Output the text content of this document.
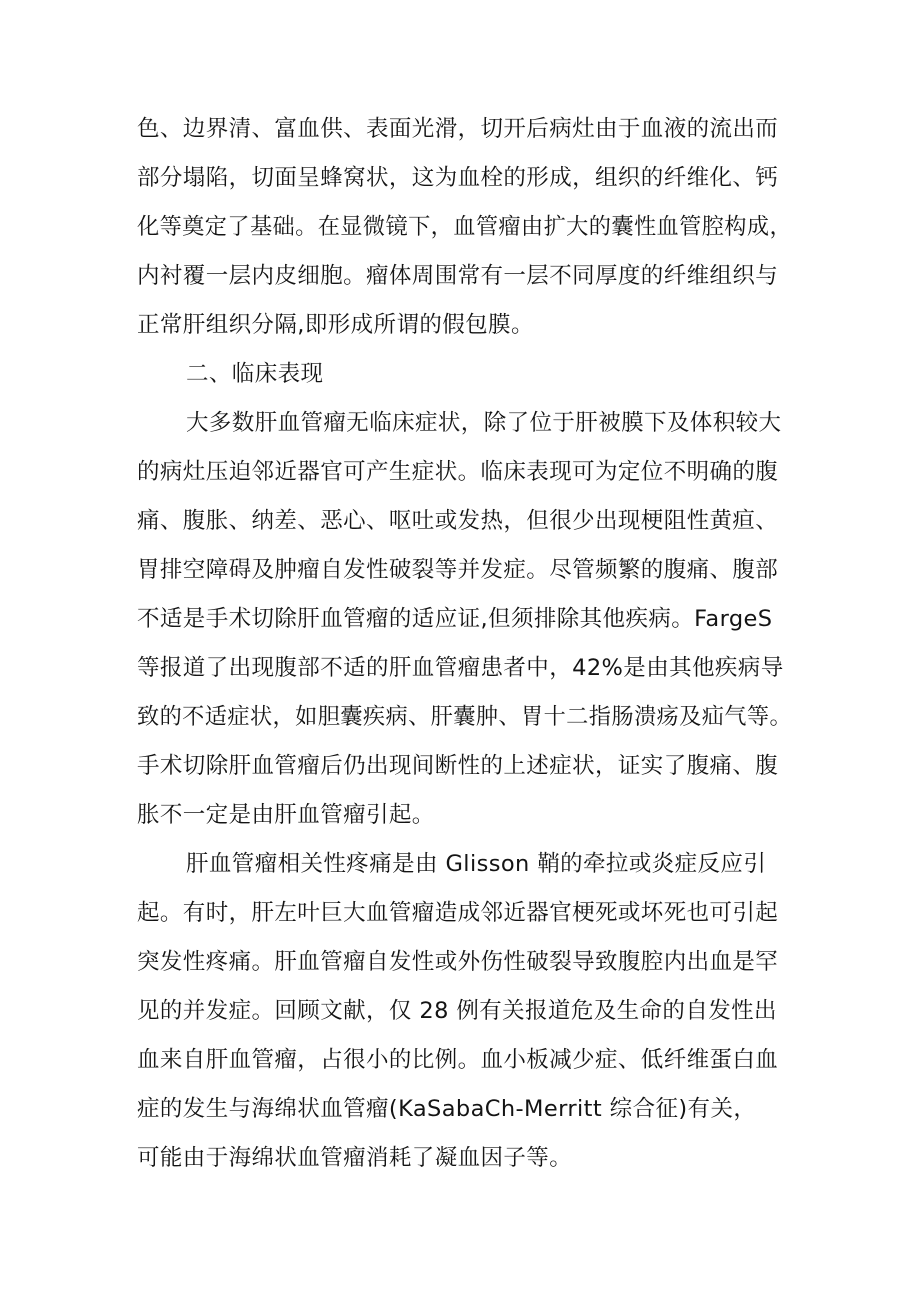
色、边界清、富血供、表面光滑，切开后病灶由于血液的流出而
部分塌陷，切面呈蜂窝状，这为血栓的形成，组织的纤维化、钙
化等奠定了基础。在显微镜下，血管瘤由扩大的囊性血管腔构成，
内衬覆一层内皮细胞。瘤体周围常有一层不同厚度的纤维组织与
正常肝组织分隔,即形成所谓的假包膜。
二、临床表现
大多数肝血管瘤无临床症状，除了位于肝被膜下及体积较大
的病灶压迫邻近器官可产生症状。临床表现可为定位不明确的腹
痛、腹胀、纳差、恶心、呕吐或发热，但很少出现梗阻性黄疸、
胃排空障碍及肿瘤自发性破裂等并发症。尽管频繁的腹痛、腹部
不适是手术切除肝血管瘤的适应证,但须排除其他疾病。FargeS
等报道了出现腹部不适的肝血管瘤患者中，42%是由其他疾病导
致的不适症状，如胆囊疾病、肝囊肿、胃十二指肠溃疡及疝气等。
手术切除肝血管瘤后仍出现间断性的上述症状，证实了腹痛、腹
胀不一定是由肝血管瘤引起。
肝血管瘤相关性疼痛是由 Glisson 鞘的牵拉或炎症反应引
起。有时，肝左叶巨大血管瘤造成邻近器官梗死或坏死也可引起
突发性疼痛。肝血管瘤自发性或外伤性破裂导致腹腔内出血是罕
见的并发症。回顾文献，仅 28 例有关报道危及生命的自发性出
血来自肝血管瘤，占很小的比例。血小板减少症、低纤维蛋白血
症的发生与海绵状血管瘤(KaSabaCh-Merritt 综合征)有关，
可能由于海绵状血管瘤消耗了凝血因子等。
